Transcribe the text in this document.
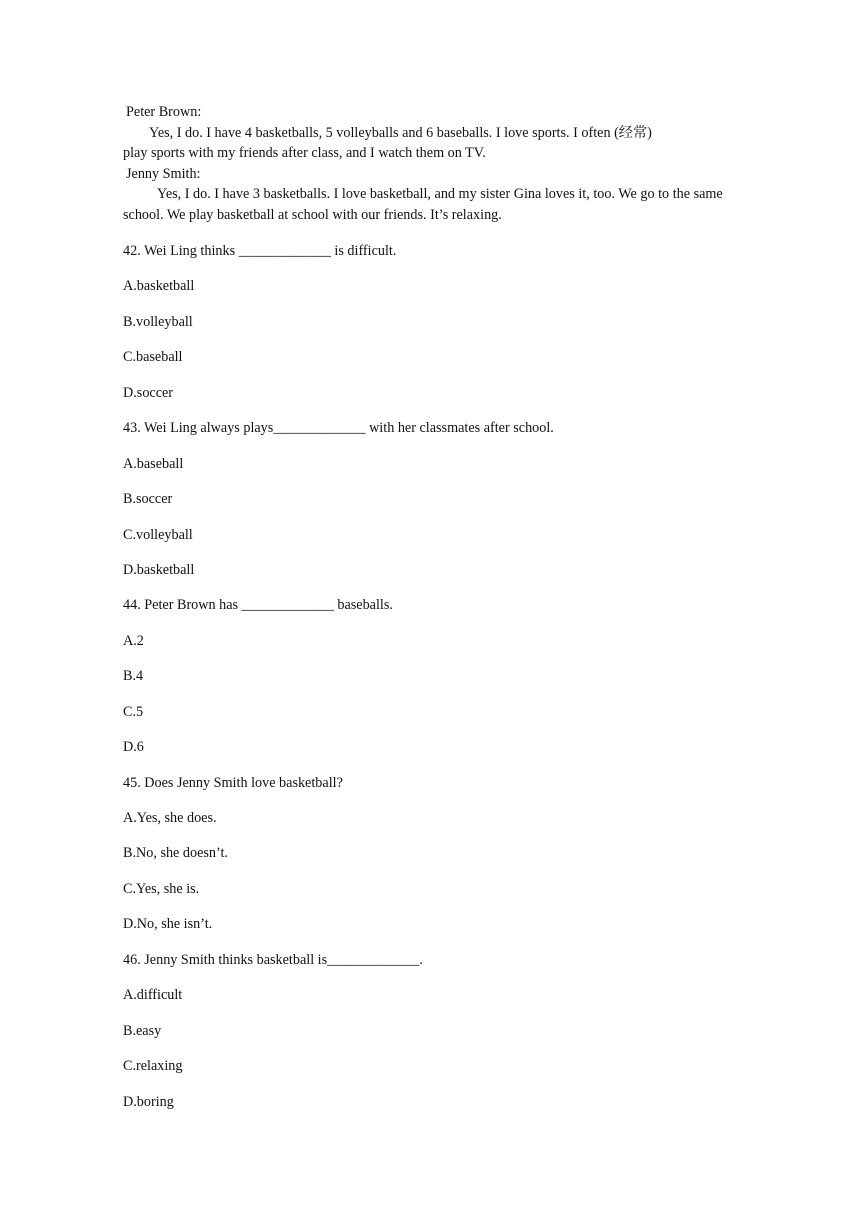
Peter Brown:
Yes, I do. I have 4 basketballs, 5 volleyballs and 6 baseballs. I love sports. I often (经常) play sports with my friends after class, and I watch them on TV.
Jenny Smith:
Yes, I do. I have 3 basketballs. I love basketball, and my sister Gina loves it, too. We go to the same school. We play basketball at school with our friends. It’s relaxing.
42. Wei Ling thinks _____________ is difficult.
A.basketball
B.volleyball
C.baseball
D.soccer
43. Wei Ling always plays_____________ with her classmates after school.
A.baseball
B.soccer
C.volleyball
D.basketball
44. Peter Brown has _____________ baseballs.
A.2
B.4
C.5
D.6
45. Does Jenny Smith love basketball?
A.Yes, she does.
B.No, she doesn’t.
C.Yes, she is.
D.No, she isn’t.
46. Jenny Smith thinks basketball is_____________.
A.difficult
B.easy
C.relaxing
D.boring
